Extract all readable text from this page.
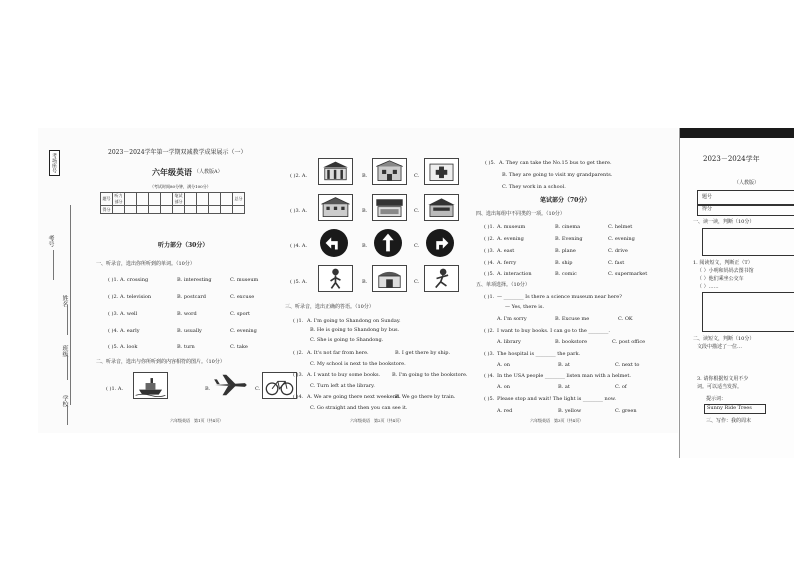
考场座号
考号
姓名
班级
学校
2023－2024学年第一学期双减教学成果展示（一）
六年级英语 （人教版A）
（考试时间80分钟，满分100分）
题号	听力部分					笔试部分					总分
得分											
听力部分（30分）
一、听录音，选出你所听到的单词。（10分）
( )1. A. crossing	B. interesting	C. museum
( )2. A. television	B. postcard	C. excuse
( )3. A. well	B. word	C. sport
( )4. A. early	B. usually	C. evening
( )5. A. look	B. turn	C. take
二、听录音，选出与你所听到的内容相符的图片。（10分）
( )1. A.	B.	C.
六年级英语　第1页（共4页）
( )2. A.	B.	C.
( )3. A.	B.	C.
( )4. A.	B.	C.
( )5. A.	B.	C.
三、听录音，选出正确的答语。（10分）
( )1. A. I'm going to Shandong on Sunday.
B. He is going to Shandong by bus.
C. She is going to Shandong.
( )2. A. It's not far from here.	B. I get there by ship.
C. My school is next to the bookstore.
( )3. A. I want to buy some books. B. I'm going to the bookstore.
C. Turn left at the library.
( )4. A. We are going there next weekend.
B. We go there by train.
C. Go straight and then you can see it.
六年级英语　第2页（共4页）
( )5. A. They can take the No.15 bus to get there.
B. They are going to visit my grandparents.
C. They work in a school.
笔试部分（70分）
四、选出每组中不同类的一项。（10分）
( )1. A. museum	B. cinema	C. helmet
( )2. A. evening	B. Evening	C. evening
( )3. A. east	B. plane	C. drive
( )4. A. ferry	B. ship	C. fast
( )5. A. interaction	B. comic	C. supermarket
五、单项选择。（10分）
( )1. — ________ Is there a science museum near here?
— Yes, there is.
A. I'm sorry	B. Excuse me	C. OK
( )2. I want to buy books. I can go to the ________.
A. library	B. bookstore	C. post office
( )3. The hospital is ________ the park.
A. on	B. at	C. next to
( )4. In the USA people ________ listen man with a helmet.
A. on	B. at	C. of
( )5. Please stop and wait! The light is ________ now.
A. red	B. yellow	C. green
六年级英语　第3页（共4页）
2023－2024学年
（人教版）
题号
得分
一、读一读，判断（10分）
1. 阅读短文，判断正（T）
（ ）小明和妈妈去图书馆
（ ）他们乘坐公交车
（ ）……
二、读短文，判断（10分）
文段中描述了一位…
3. 请你根据短文用不少
词。可以适当发挥。
提示词：
Sunny Ride Trees
三、写作：我的周末
